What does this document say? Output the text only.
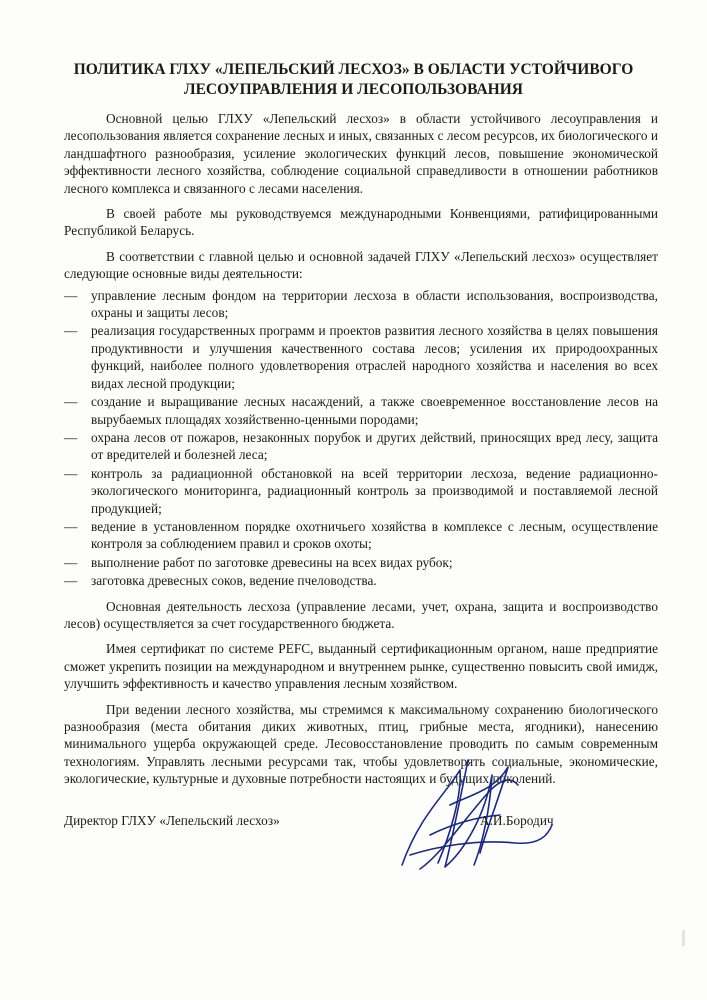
ПОЛИТИКА ГЛХУ «ЛЕПЕЛЬСКИЙ ЛЕСХОЗ» В ОБЛАСТИ УСТОЙЧИВОГО
ЛЕСОУПРАВЛЕНИЯ И ЛЕСОПОЛЬЗОВАНИЯ

Основной целью ГЛХУ «Лепельский лесхоз» в области устойчивого лесоуправления и лесопользования является сохранение лесных и иных, связанных с лесом ресурсов, их биологического и ландшафтного разнообразия, усиление экологических функций лесов, повышение экономической эффективности лесного хозяйства, соблюдение социальной справедливости в отношении работников лесного комплекса и связанного с лесами населения.

В своей работе мы руководствуемся международными Конвенциями, ратифицированными Республикой Беларусь.

В соответствии с главной целью и основной задачей ГЛХУ «Лепельский лесхоз» осуществляет следующие основные виды деятельности:

—	управление лесным фондом на территории лесхоза в области использования, воспроизводства, охраны и защиты лесов;
—	реализация государственных программ и проектов развития лесного хозяйства в целях повышения продуктивности и улучшения качественного состава лесов; усиления их природоохранных функций, наиболее полного удовлетворения отраслей народного хозяйства и населения во всех видах лесной продукции;
—	создание и выращивание лесных насаждений, а также своевременное восстановление лесов на вырубаемых площадях хозяйственно-ценными породами;
—	охрана лесов от пожаров, незаконных порубок и других действий, приносящих вред лесу, защита от вредителей и болезней леса;
—	контроль за радиационной обстановкой на всей территории лесхоза, ведение радиационно-экологического мониторинга, радиационный контроль за производимой и поставляемой лесной продукцией;
—	ведение в установленном порядке охотничьего хозяйства в комплексе с лесным, осуществление контроля за соблюдением правил и сроков охоты;
—	выполнение работ по заготовке древесины на всех видах рубок;
—	заготовка древесных соков, ведение пчеловодства.

Основная деятельность лесхоза (управление лесами, учет, охрана, защита и воспроизводство лесов) осуществляется за счет государственного бюджета.

Имея сертификат по системе PEFC, выданный сертификационным органом, наше предприятие сможет укрепить позиции на международном и внутреннем рынке, существенно повысить свой имидж, улучшить эффективность и качество управления лесным хозяйством.

При ведении лесного хозяйства, мы стремимся к максимальному сохранению биологического разнообразия (места обитания диких животных, птиц, грибные места, ягодники), нанесению минимального ущерба окружающей среде. Лесовосстановление проводить по самым современным технологиям. Управлять лесными ресурсами так, чтобы удовлетворять социальные, экономические, экологические, культурные и духовные потребности настоящих и будущих поколений.

Директор ГЛХУ «Лепельский лесхоз»	А.И.Бородич
